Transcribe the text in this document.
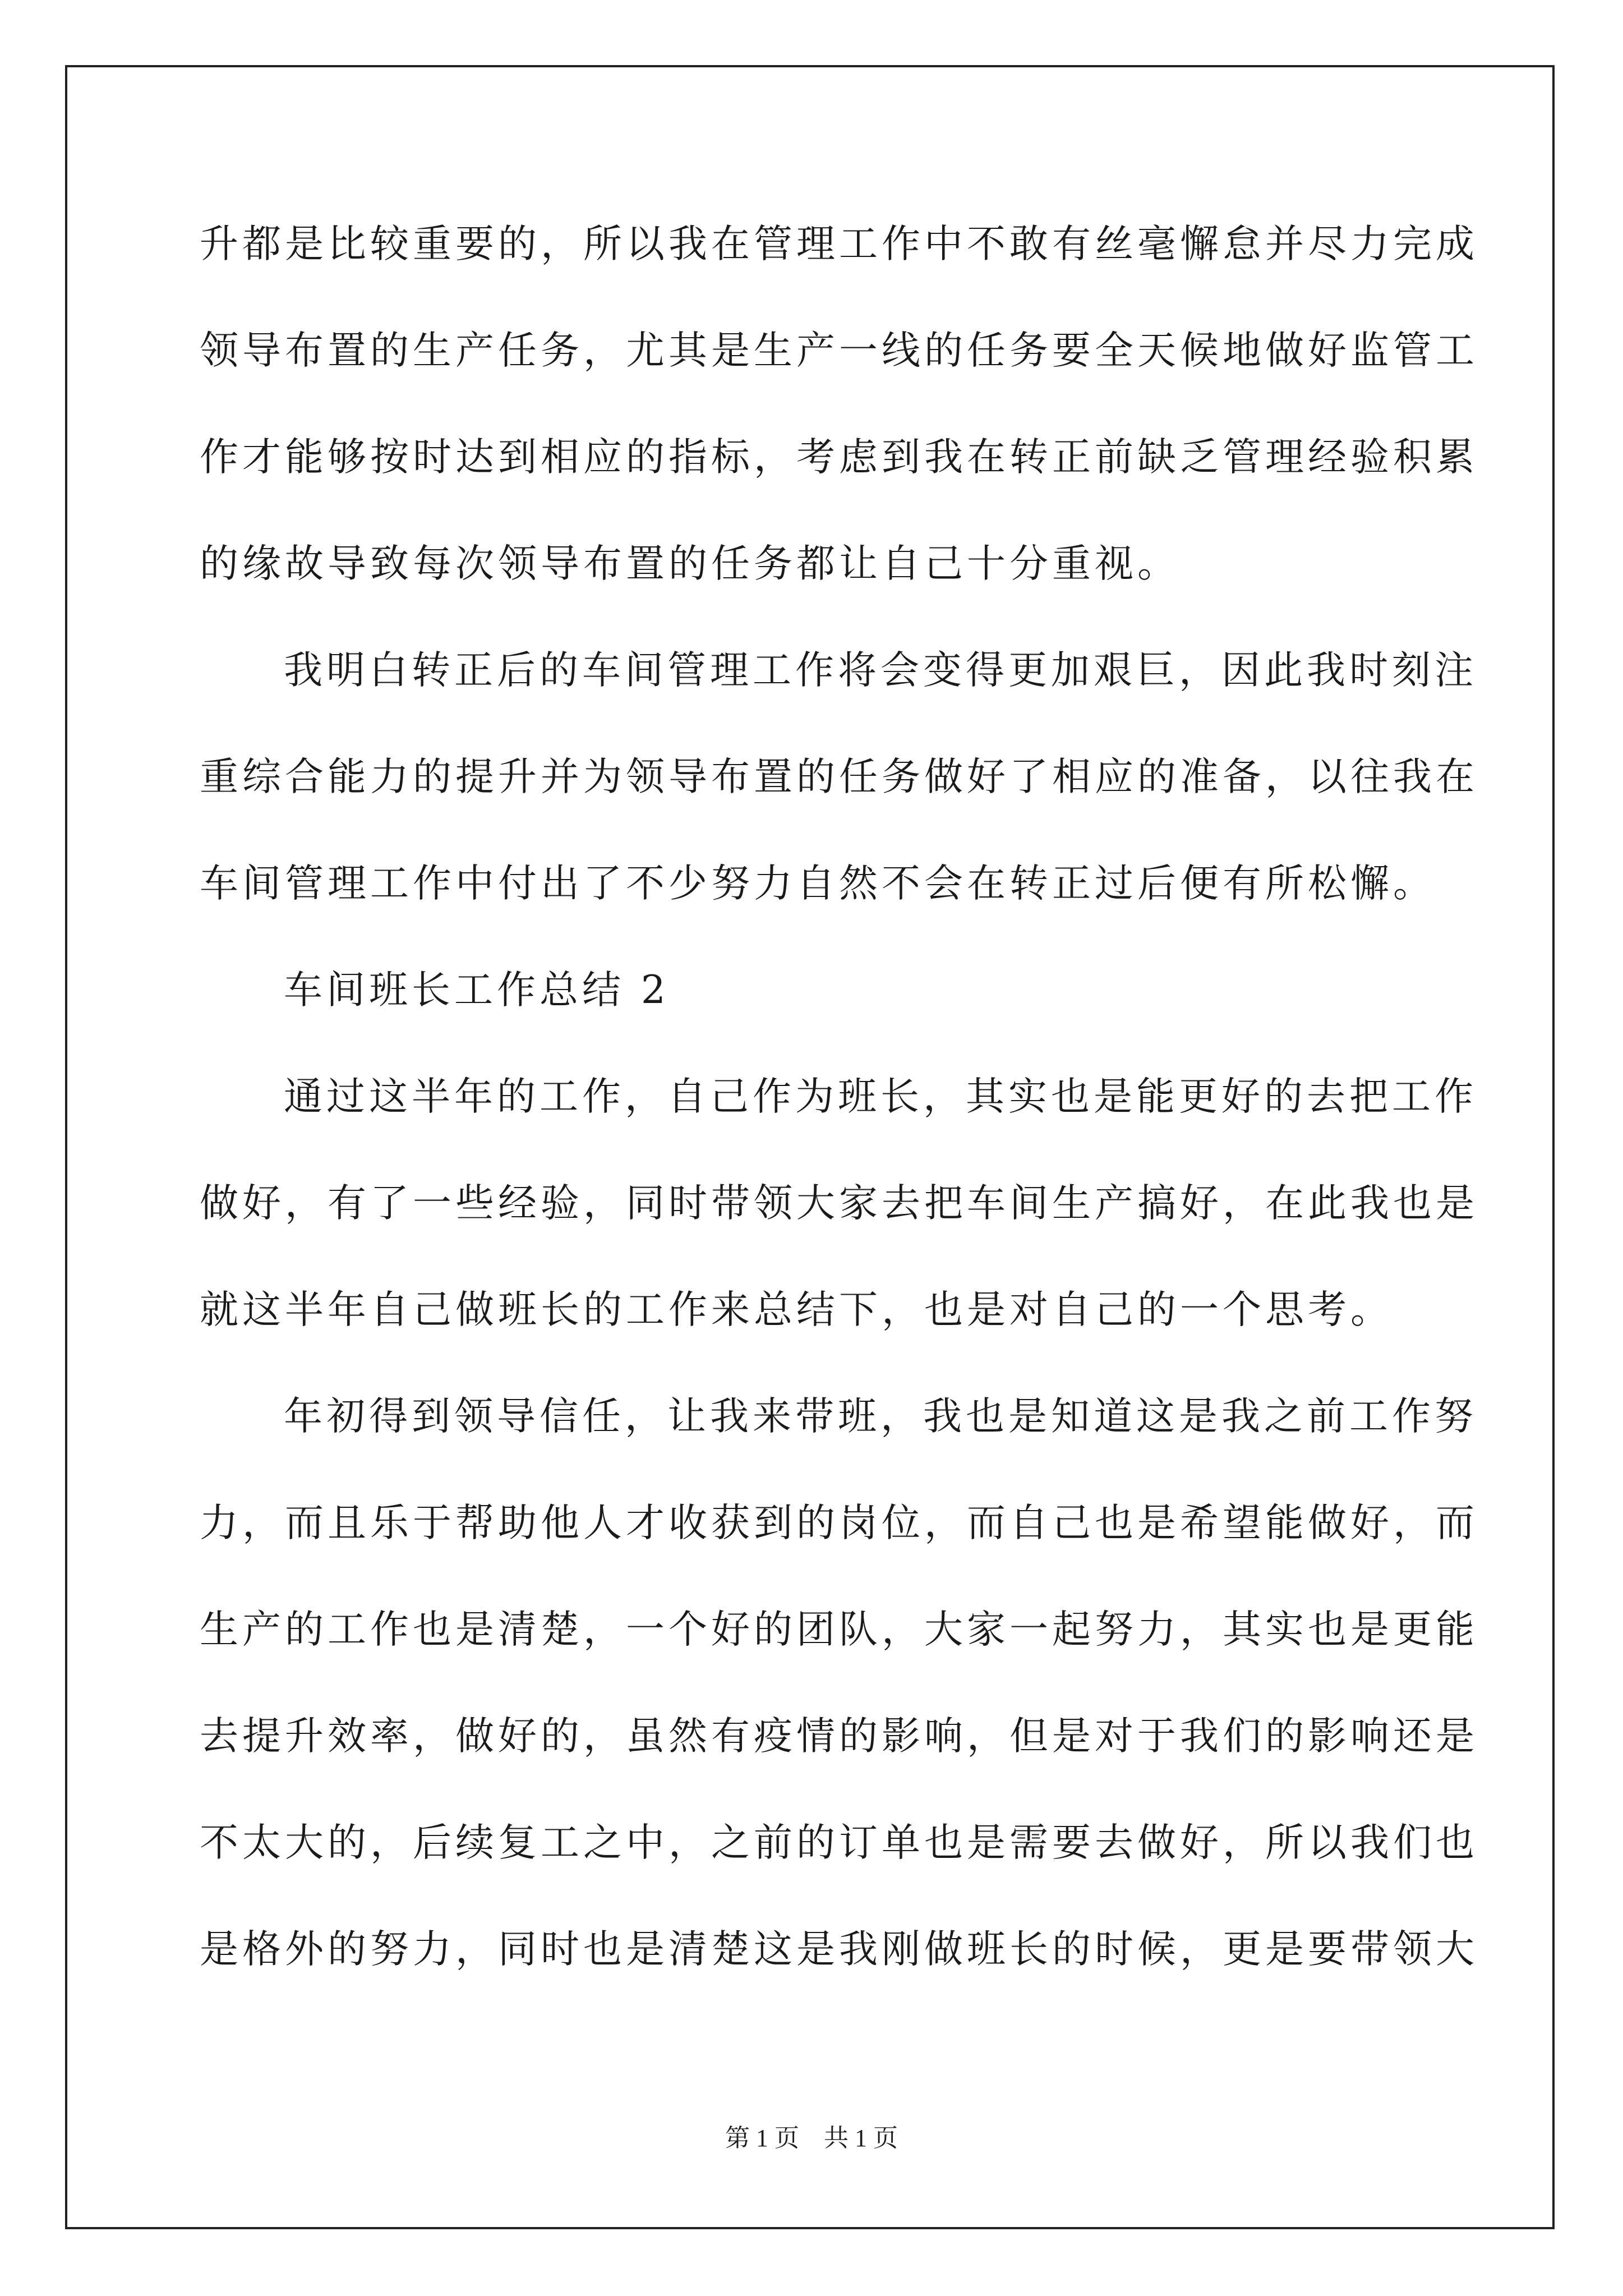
升都是比较重要的，所以我在管理工作中不敢有丝毫懈怠并尽力完成
领导布置的生产任务，尤其是生产一线的任务要全天候地做好监管工
作才能够按时达到相应的指标，考虑到我在转正前缺乏管理经验积累
的缘故导致每次领导布置的任务都让自己十分重视。
我明白转正后的车间管理工作将会变得更加艰巨，因此我时刻注
重综合能力的提升并为领导布置的任务做好了相应的准备，以往我在
车间管理工作中付出了不少努力自然不会在转正过后便有所松懈。
车间班长工作总结 2
通过这半年的工作，自己作为班长，其实也是能更好的去把工作
做好，有了一些经验，同时带领大家去把车间生产搞好，在此我也是
就这半年自己做班长的工作来总结下，也是对自己的一个思考。
年初得到领导信任，让我来带班，我也是知道这是我之前工作努
力，而且乐于帮助他人才收获到的岗位，而自己也是希望能做好，而
生产的工作也是清楚，一个好的团队，大家一起努力，其实也是更能
去提升效率，做好的，虽然有疫情的影响，但是对于我们的影响还是
不太大的，后续复工之中，之前的订单也是需要去做好，所以我们也
是格外的努力，同时也是清楚这是我刚做班长的时候，更是要带领大
第 1 页　共 1 页
